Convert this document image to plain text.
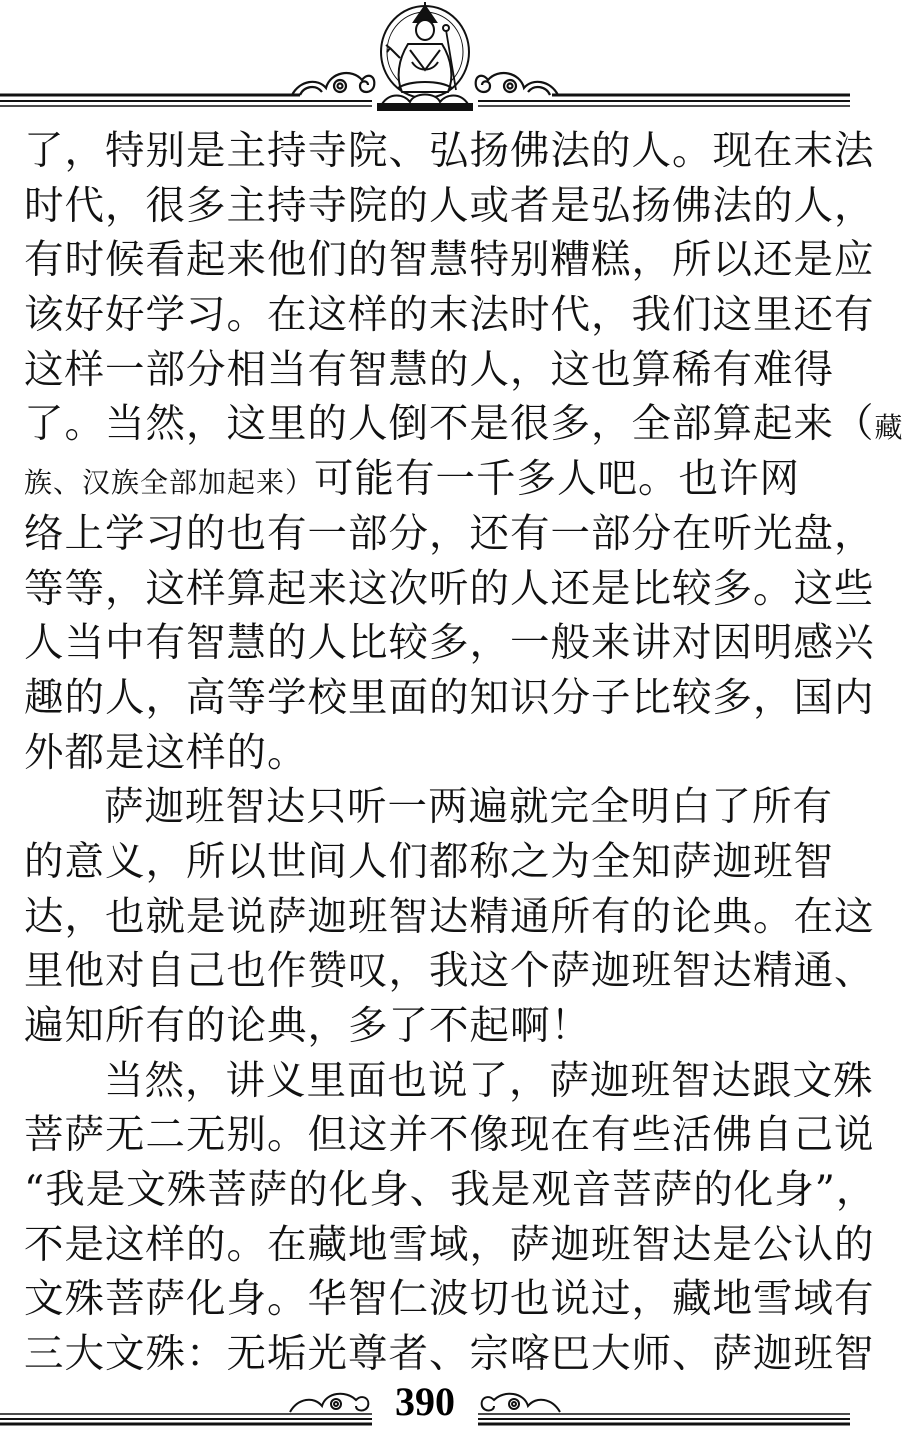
了，特别是主持寺院、弘扬佛法的人。现在末法
时代，很多主持寺院的人或者是弘扬佛法的人，
有时候看起来他们的智慧特别糟糕，所以还是应
该好好学习。在这样的末法时代，我们这里还有
这样一部分相当有智慧的人，这也算稀有难得
了。当然，这里的人倒不是很多，全部算起来（藏
族、汉族全部加起来）可能有一千多人吧。也许网
络上学习的也有一部分，还有一部分在听光盘，
等等，这样算起来这次听的人还是比较多。这些
人当中有智慧的人比较多，一般来讲对因明感兴
趣的人，高等学校里面的知识分子比较多，国内
外都是这样的。
萨迦班智达只听一两遍就完全明白了所有
的意义，所以世间人们都称之为全知萨迦班智
达，也就是说萨迦班智达精通所有的论典。在这
里他对自己也作赞叹，我这个萨迦班智达精通、
遍知所有的论典，多了不起啊！
当然，讲义里面也说了，萨迦班智达跟文殊
菩萨无二无别。但这并不像现在有些活佛自己说
“我是文殊菩萨的化身、我是观音菩萨的化身”，
不是这样的。在藏地雪域，萨迦班智达是公认的
文殊菩萨化身。华智仁波切也说过，藏地雪域有
三大文殊：无垢光尊者、宗喀巴大师、萨迦班智
390
